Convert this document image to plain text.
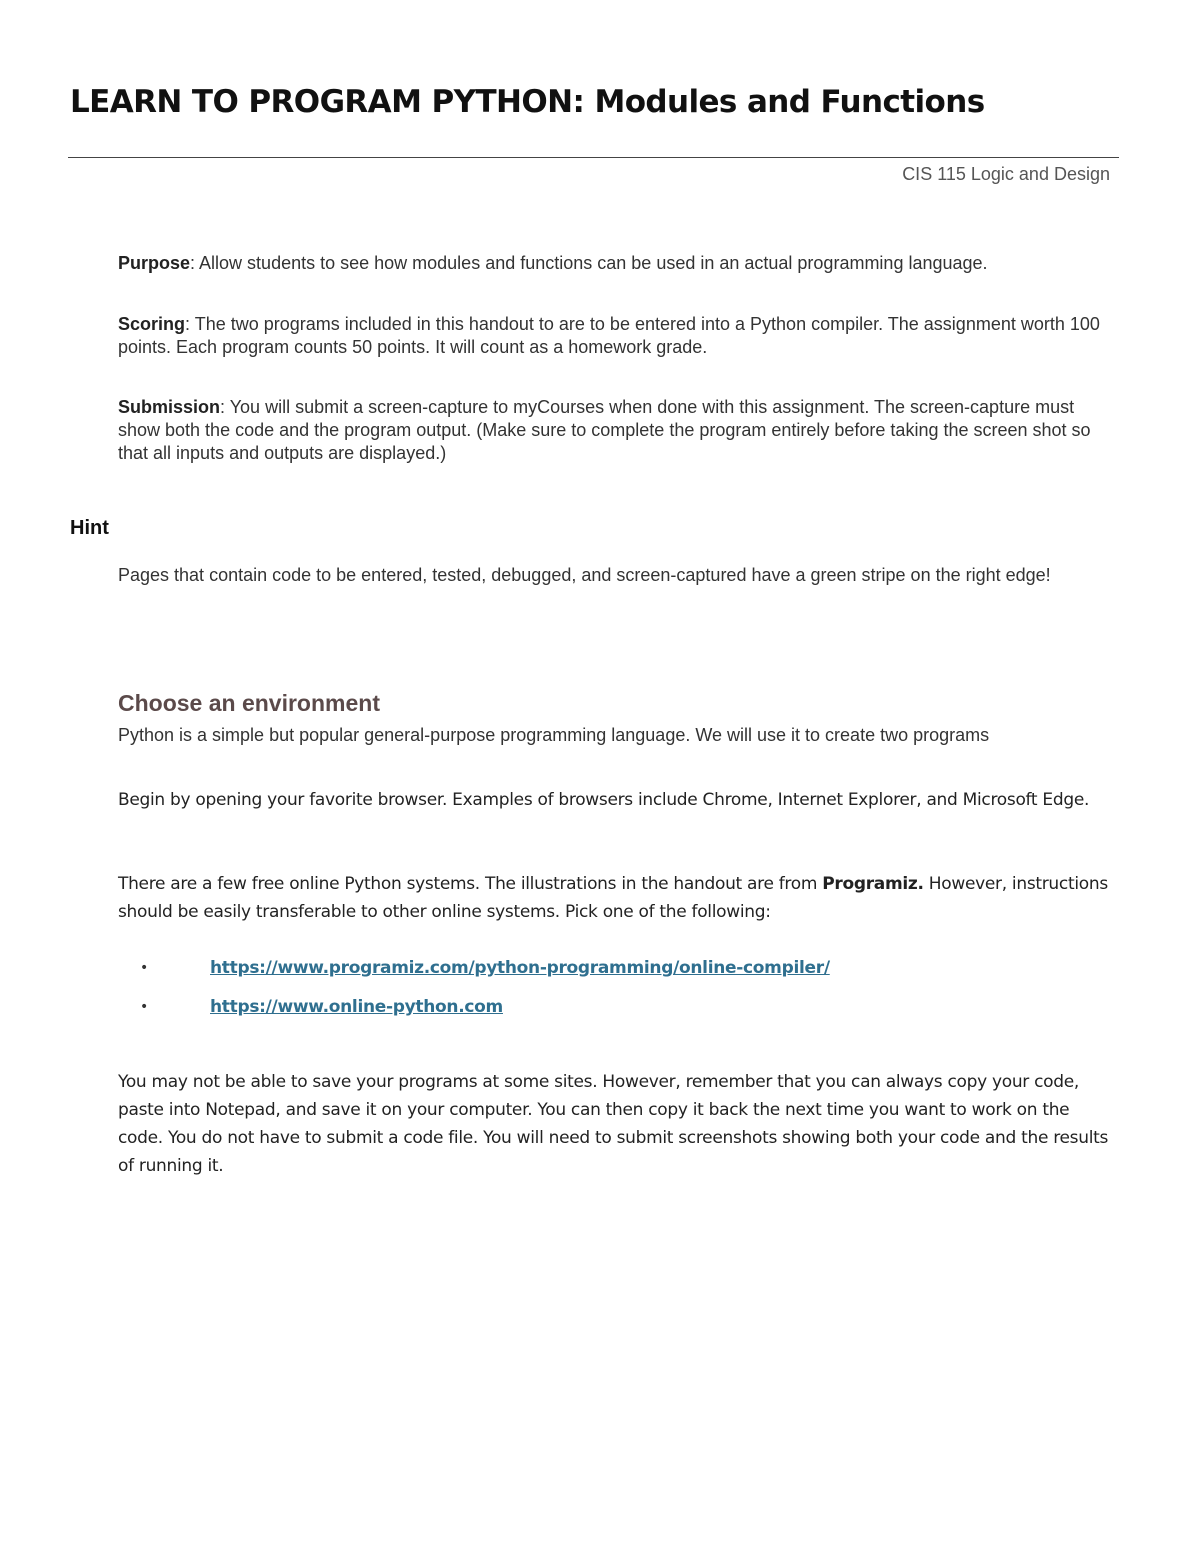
LEARN TO PROGRAM PYTHON: Modules and Functions
CIS 115 Logic and Design

Purpose: Allow students to see how modules and functions can be used in an actual programming language.

Scoring: The two programs included in this handout to are to be entered into a Python compiler. The assignment worth 100 points. Each program counts 50 points. It will count as a homework grade.

Submission: You will submit a screen-capture to myCourses when done with this assignment. The screen-capture must show both the code and the program output. (Make sure to complete the program entirely before taking the screen shot so that all inputs and outputs are displayed.)

Hint

Pages that contain code to be entered, tested, debugged, and screen-captured have a green stripe on the right edge!

Choose an environment

Python is a simple but popular general-purpose programming language. We will use it to create two programs

Begin by opening your favorite browser. Examples of browsers include Chrome, Internet Explorer, and Microsoft Edge.

There are a few free online Python systems. The illustrations in the handout are from Programiz. However, instructions should be easily transferable to other online systems. Pick one of the following:

•	https://www.programiz.com/python-programming/online-compiler/
•	https://www.online-python.com

You may not be able to save your programs at some sites. However, remember that you can always copy your code, paste into Notepad, and save it on your computer. You can then copy it back the next time you want to work on the code. You do not have to submit a code file. You will need to submit screenshots showing both your code and the results of running it.
